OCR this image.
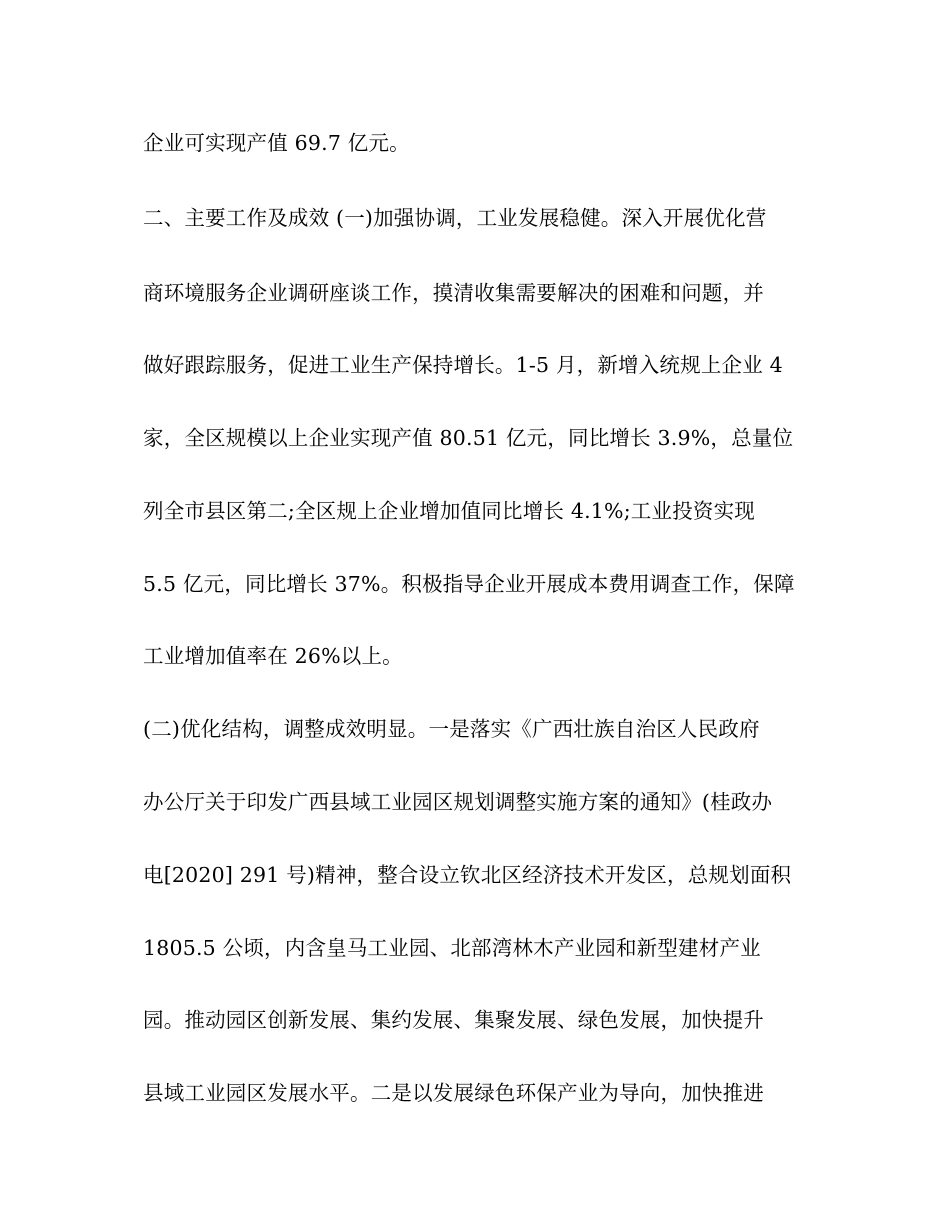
企业可实现产值 69.7 亿元。
二、主要工作及成效 (一)加强协调，工业发展稳健。深入开展优化营
商环境服务企业调研座谈工作，摸清收集需要解决的困难和问题，并
做好跟踪服务，促进工业生产保持增长。1-5 月，新增入统规上企业 4
家，全区规模以上企业实现产值 80.51 亿元，同比增长 3.9%，总量位
列全市县区第二;全区规上企业增加值同比增长 4.1%;工业投资实现
5.5 亿元，同比增长 37%。积极指导企业开展成本费用调查工作，保障
工业增加值率在 26%以上。
(二)优化结构，调整成效明显。一是落实《广西壮族自治区人民政府
办公厅关于印发广西县域工业园区规划调整实施方案的通知》(桂政办
电[2020] 291 号)精神，整合设立钦北区经济技术开发区，总规划面积
1805.5 公顷，内含皇马工业园、北部湾林木产业园和新型建材产业
园。推动园区创新发展、集约发展、集聚发展、绿色发展，加快提升
县域工业园区发展水平。二是以发展绿色环保产业为导向，加快推进
